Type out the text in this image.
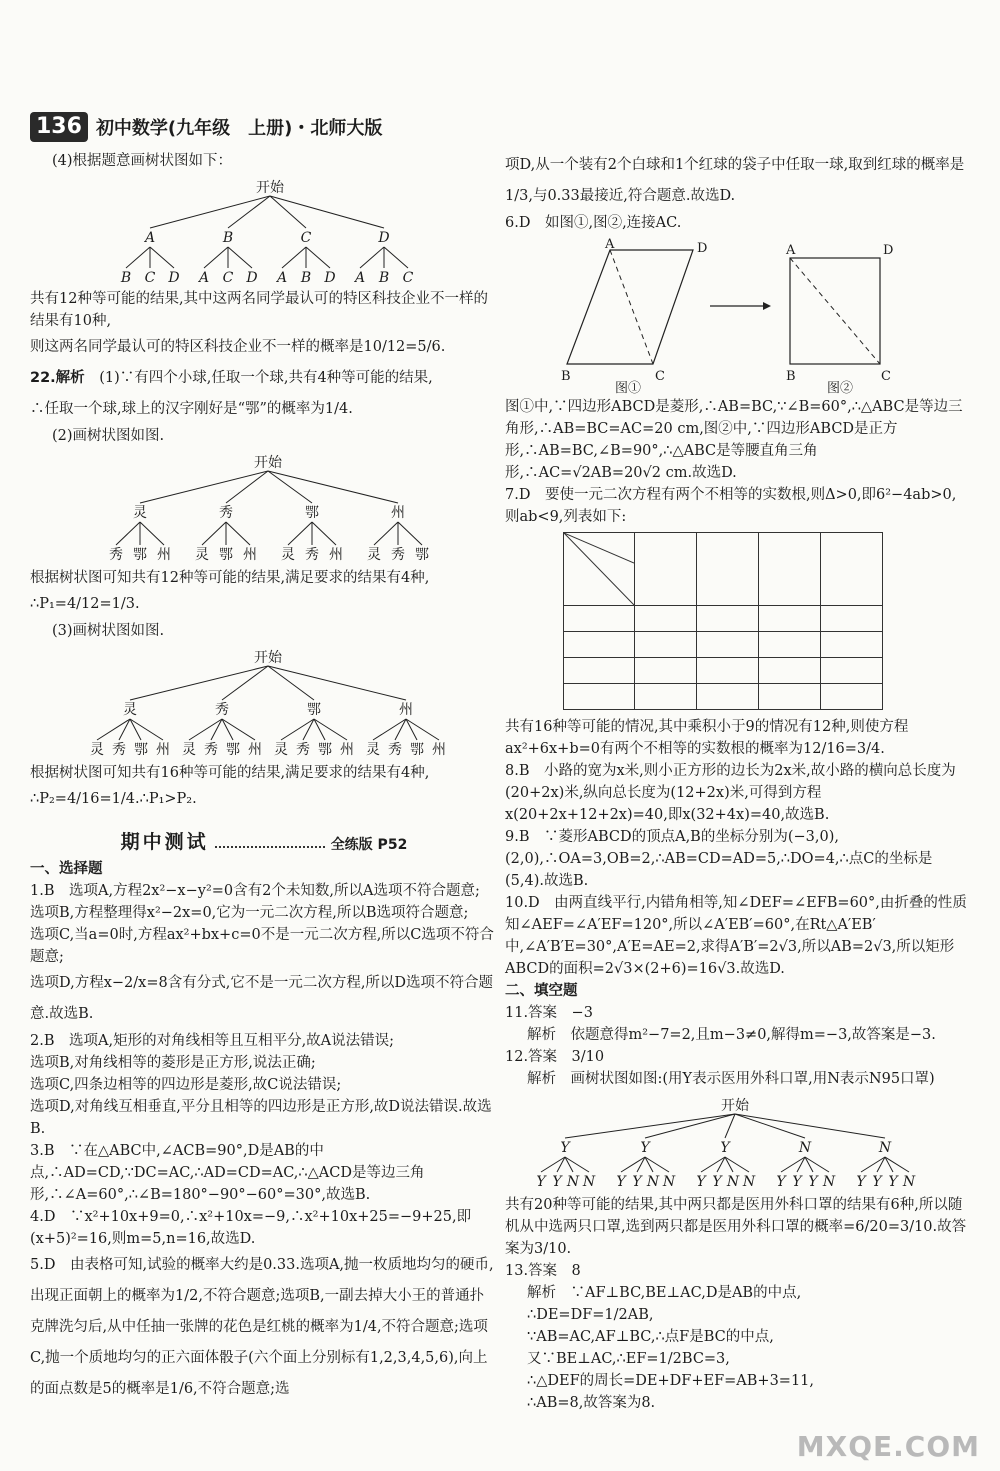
136 初中数学(九年级　上册)・北师大版

(4)根据题意画树状图如下：

开始
A
B C D
B
A C D
C
A B D
D
A B C

共有12种等可能的结果,其中这两名同学最认可的特区科技企业不一样的结果有10种,

则这两名同学最认可的特区科技企业不一样的概率是10/12=5/6.

22.解析　 (1)∵有四个小球,任取一个球,共有4种等可能的结果,

∴任取一个球,球上的汉字刚好是“鄂”的概率为1/4.

(2)画树状图如图.

开始
灵
秀 鄂 州
秀
灵 鄂 州
鄂
灵 秀 州
州
灵 秀 鄂

根据树状图可知共有12种等可能的结果,满足要求的结果有4种,

∴P₁=4/12=1/3.

(3)画树状图如图.

开始
灵
灵 秀 鄂 州
秀
灵 秀 鄂 州
鄂
灵 秀 鄂 州
州
灵 秀 鄂 州

根据树状图可知共有16种等可能的结果,满足要求的结果有4种,

∴P₂=4/16=1/4.∴P₁>P₂.

期中测试	全练版 P52

一、选择题

1.B　选项A,方程2x²−x−y²=0含有2个未知数,所以A选项不符合题意;

选项B,方程整理得x²−2x=0,它为一元二次方程,所以B选项符合题意;

选项C,当a=0时,方程ax²+bx+c=0不是一元二次方程,所以C选项不符合题意;

选项D,方程x−2/x=8含有分式,它不是一元二次方程,所以D选项不符合题意.故选B.

2.B　选项A,矩形的对角线相等且互相平分,故A说法错误;

选项B,对角线相等的菱形是正方形,说法正确;

选项C,四条边相等的四边形是菱形,故C说法错误;

选项D,对角线互相垂直,平分且相等的四边形是正方形,故D说法错误.故选B.

3.B　∵在△ABC中,∠ACB=90°,D是AB的中点,∴AD=CD,∵DC=AC,∴AD=CD=AC,∴△ACD是等边三角形,∴∠A=60°,∴∠B=180°−90°−60°=30°,故选B.

4.D　∵x²+10x+9=0,∴x²+10x=−9,∴x²+10x+25=−9+25,即(x+5)²=16,则m=5,n=16,故选D.

5.D　由表格可知,试验的概率大约是0.33.选项A,抛一枚质地均匀的硬币,出现正面朝上的概率为1/2,不符合题意;选项B,一副去掉大小王的普通扑克牌洗匀后,从中任抽一张牌的花色是红桃的概率为1/4,不符合题意;选项C,抛一个质地均匀的正六面体骰子(六个面上分别标有1,2,3,4,5,6),向上的面点数是5的概率是1/6,不符合题意;选

项D,从一个装有2个白球和1个红球的袋子中任取一球,取到红球的概率是1/3,与0.33最接近,符合题意.故选D.

6.D　如图①,图②,连接AC.

A	D
B	C
图①
A	D
B	C
图②

图①中,∵四边形ABCD是菱形,∴AB=BC,∵∠B=60°,∴△ABC是等边三角形,∴AB=BC=AC=20 cm,图②中,∵四边形ABCD是正方形,∴AB=BC,∠B=90°,∴△ABC是等腰直角三角形,∴AC=√2AB=20√2 cm.故选D.

7.D　要使一元二次方程有两个不相等的实数根,则Δ>0,即6²−4ab>0,则ab<9,列表如下:

共有16种等可能的情况,其中乘积小于9的情况有12种,则使方程ax²+6x+b=0有两个不相等的实数根的概率为12/16=3/4.

8.B　小路的宽为x米,则小正方形的边长为2x米,故小路的横向总长度为(20+2x)米,纵向总长度为(12+2x)米,可得到方程x(20+2x+12+2x)=40,即x(32+4x)=40,故选B.

9.B　∵菱形ABCD的顶点A,B的坐标分别为(−3,0),(2,0),∴OA=3,OB=2,∴AB=CD=AD=5,∴DO=4,∴点C的坐标是(5,4).故选B.

10.D　由两直线平行,内错角相等,知∠DEF=∠EFB=60°,由折叠的性质知∠AEF=∠A′EF=120°,所以∠A′EB′=60°,在Rt△A′EB′中,∠A′B′E=30°,A′E=AE=2,求得A′B′=2√3,所以AB=2√3,所以矩形ABCD的面积=2√3×(2+6)=16√3.故选D.

二、填空题

11.答案　−3

解析　依题意得m²−7=2,且m−3≠0,解得m=−3,故答案是−3.

12.答案　3/10

解析　画树状图如图:(用Y表示医用外科口罩,用N表示N95口罩)

开始
Y
Y Y N N
Y
Y Y N N
Y
Y Y N N
N
Y Y Y N
N
Y Y Y N

共有20种等可能的结果,其中两只都是医用外科口罩的结果有6种,所以随机从中选两只口罩,选到两只都是医用外科口罩的概率=6/20=3/10.故答案为3/10.

13.答案　8

解析　∵AF⊥BC,BE⊥AC,D是AB的中点,

∴DE=DF=1/2AB,

∵AB=AC,AF⊥BC,∴点F是BC的中点,

又∵BE⊥AC,∴EF=1/2BC=3,

∴△DEF的周长=DE+DF+EF=AB+3=11,

∴AB=8,故答案为8.

MXQE.COM
